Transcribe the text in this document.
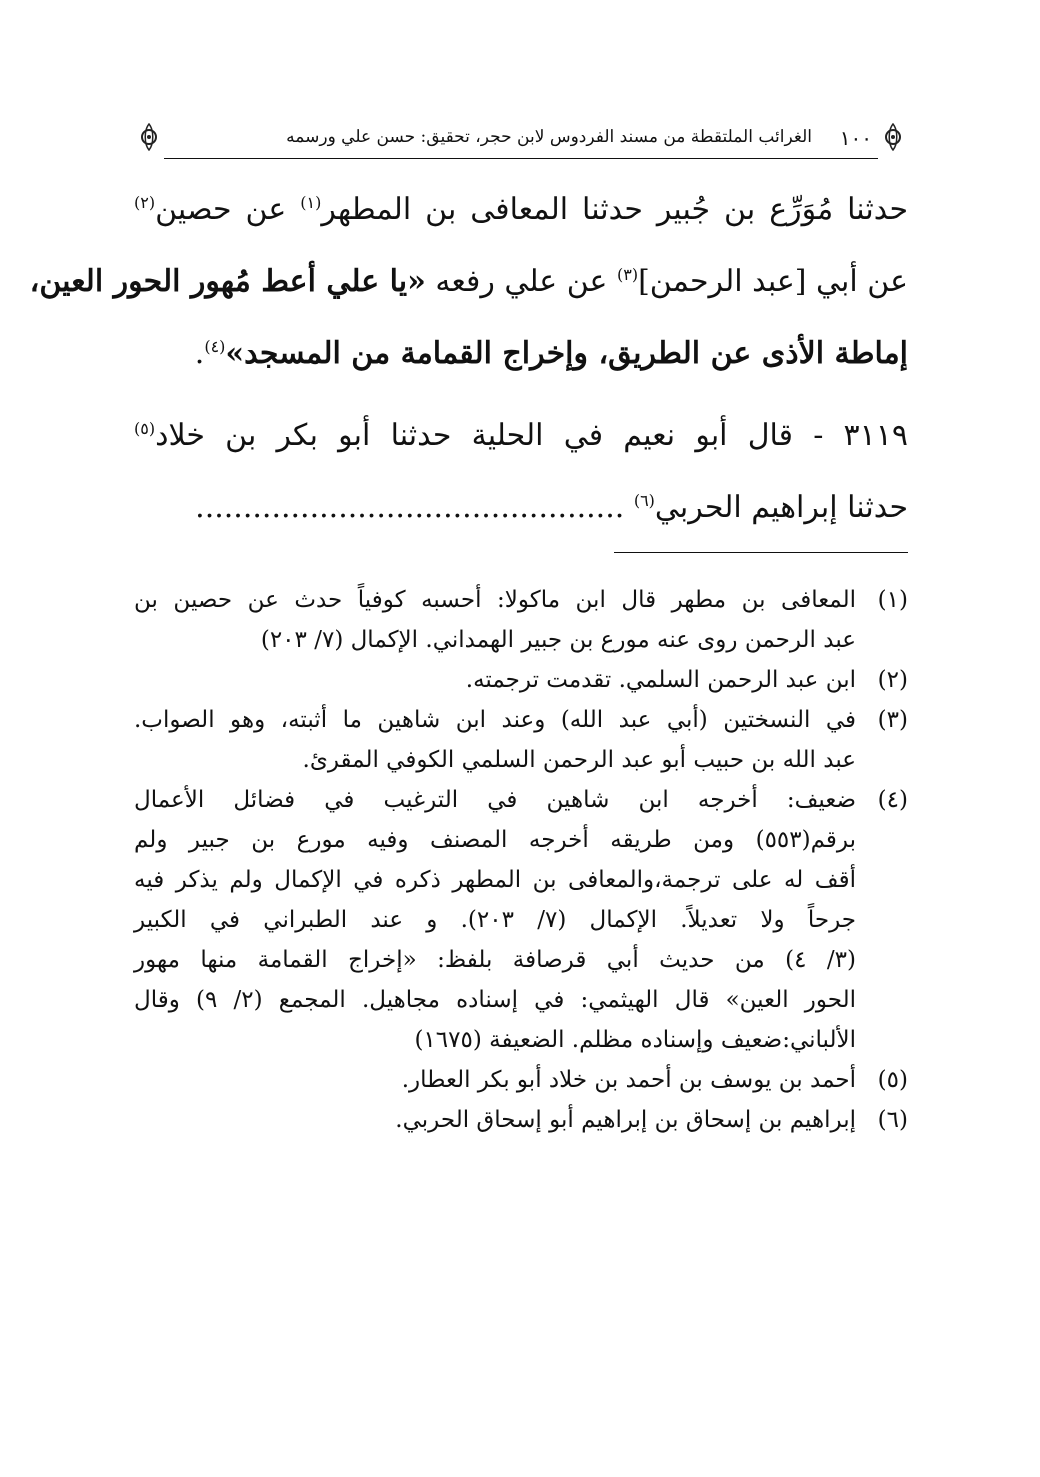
١٠٠
الغرائب الملتقطة من مسند الفردوس لابن حجر، تحقيق: حسن علي ورسمه
حدثنا مُوَرِّع بن جُبير حدثنا المعافى بن المطهر$^{(١)}$ عن حصين$^{(٢)}$
عن أبي [عبد الرحمن]$^{(٣)}$ عن علي رفعه «يا علي أعط مُهور الحور العين،
إماطة الأذى عن الطريق، وإخراج القمامة من المسجد»$^{(٤)}$.
٣١١٩ - قال أبو نعيم في الحلية حدثنا أبو بكر بن خلاد$^{(٥)}$
حدثنا إبراهيم الحربي$^{(٦)}$ .............................................
(١)
المعافى بن مطهر قال ابن ماكولا: أحسبه كوفياً حدث عن حصين بن
عبد الرحمن روى عنه مورع بن جبير الهمداني. الإكمال (٧/ ٢٠٣)
(٢)
ابن عبد الرحمن السلمي. تقدمت ترجمته.
(٣)
في النسختين (أبي عبد الله) وعند ابن شاهين ما أثبته، وهو الصواب.
عبد الله بن حبيب أبو عبد الرحمن السلمي الكوفي المقرئ.
(٤)
ضعيف: أخرجه ابن شاهين في الترغيب في فضائل الأعمال
برقم(٥٥٣) ومن طريقه أخرجه المصنف وفيه مورع بن جبير ولم
أقف له على ترجمة،والمعافى بن المطهر ذكره في الإكمال ولم يذكر فيه
جرحاً ولا تعديلاً. الإكمال (٧/ ٢٠٣). و عند الطبراني في الكبير
(٣/ ٤) من حديث أبي قرصافة بلفظ: «إخراج القمامة منها مهور
الحور العين» قال الهيثمي: في إسناده مجاهيل. المجمع (٢/ ٩) وقال
الألباني:ضعيف وإسناده مظلم. الضعيفة (١٦٧٥)
(٥)
أحمد بن يوسف بن أحمد بن خلاد أبو بكر العطار.
(٦)
إبراهيم بن إسحاق بن إبراهيم أبو إسحاق الحربي.
